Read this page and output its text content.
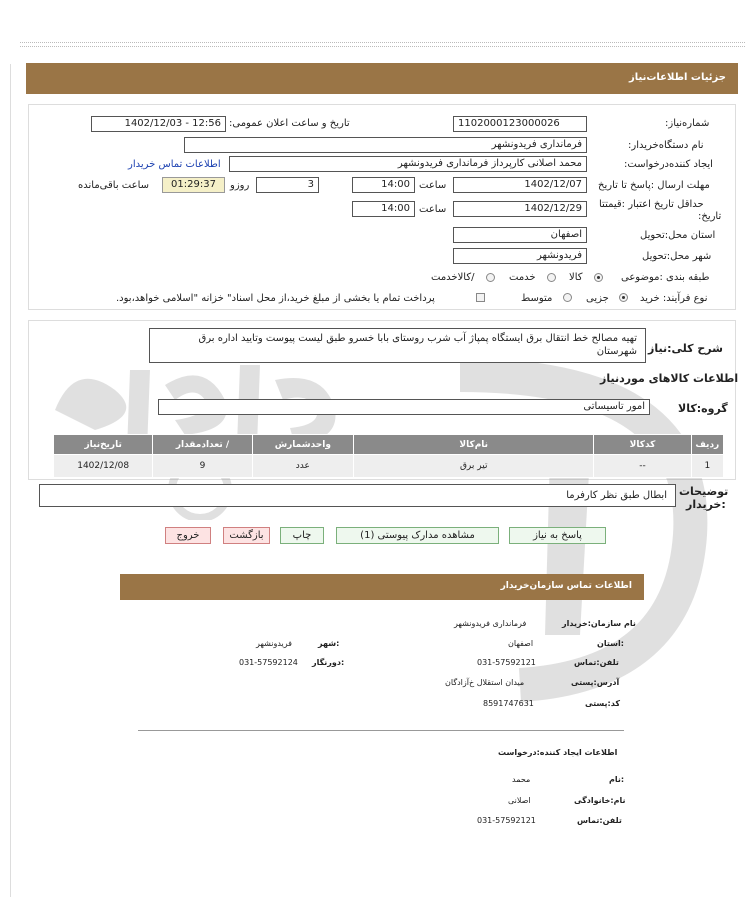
جزئیات اطلاعات‌نیاز
شماره‌نیاز:
1102000123000026
تاریخ و ساعت اعلان عمومی:
1402/12/03 - 12:56
نام دستگاه‌خریدار:
فرمانداری فریدونشهر
ایجاد کننده‌درخواست:
محمد اصلانی کارپرداز فرمانداری فریدونشهر
اطلاعات تماس خریدار
مهلت ارسال :پاسخ تا تاریخ
1402/12/07
ساعت
14:00
3
روزو
01:29:37
ساعت باقی‌مانده
حداقل تاریخ اعتبار :قیمتتا
تاریخ:
1402/12/29
ساعت
14:00
استان محل:تحویل
اصفهان
شهر محل:تحویل
فریدونشهر
طبقه بندی :موضوعی
کالا
خدمت
/کالاخدمت
نوع فرآیند: خرید
جزیی
متوسط
پرداخت تمام یا بخشی از مبلغ خرید،از محل اسناد" خزانه "اسلامی خواهد،بود.
شرح کلی:نیاز
تهیه مصالح خط انتقال برق ایستگاه پمپاژ آب شرب روستای بابا خسرو طبق لیست پیوست وتایید اداره برق شهرستان
اطلاعات کالاهای موردنیاز
گروه:کالا
امور تاسیساتی
ردیف	کدکالا	نام‌کالا	واحدشمارش	/ تعدادمقدار	تاریخ‌نیاز
1	--	تیر برق	عدد	9	1402/12/08
توضیحات
:خریدار
ابطال طبق نظر کارفرما
پاسخ به نیاز
مشاهده مدارک پیوستی (1)
چاپ
بازگشت
خروج
اطلاعات تماس سازمان‌خریدار
نام سازمان:خریدار
فرمانداری فریدونشهر
:استان
اصفهان
:شهر
فریدونشهر
تلفن:تماس
031-57592121
:دورنگار
031-57592124
آدرس:پستی
میدان استقلال خ‌آزادگان
کد:پستی
8591747631
اطلاعات ایجاد کننده:درخواست
:نام
محمد
نام:خانوادگی
اصلانی
تلفن:تماس
031-57592121
